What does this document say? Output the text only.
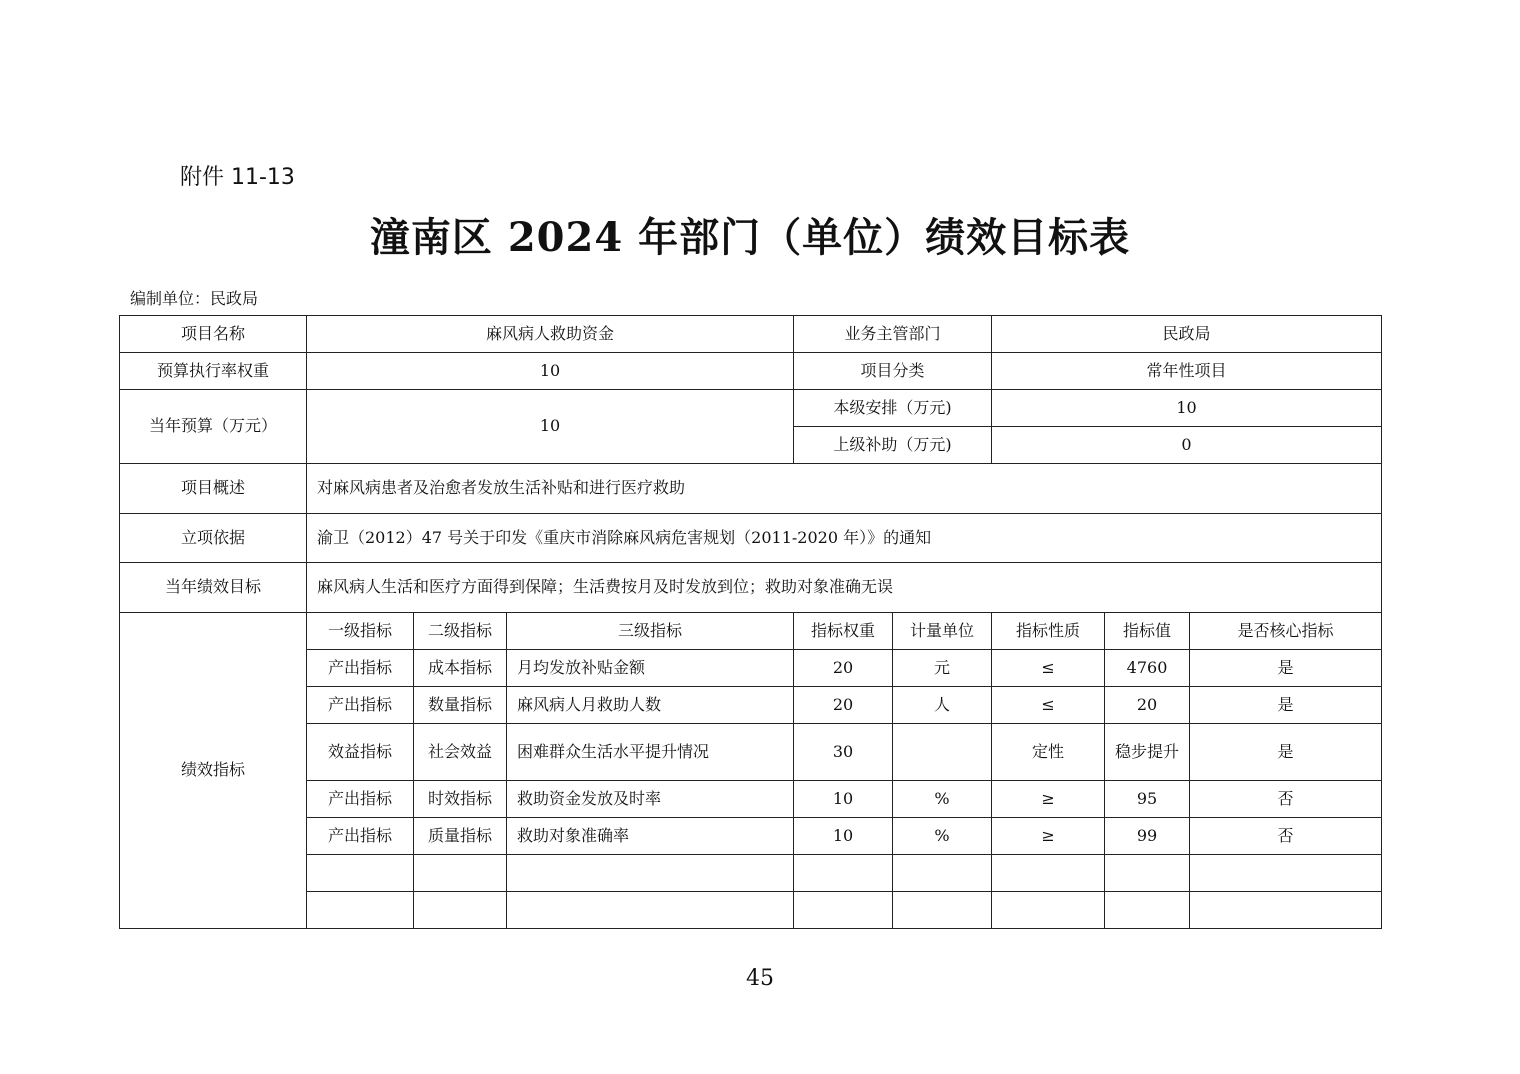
附件 11-13
潼南区 2024 年部门（单位）绩效目标表
编制单位：民政局
项目名称	麻风病人救助资金			业务主管部门		民政局		
预算执行率权重	10			项目分类		常年性项目		
当年预算（万元）	10			本级安排（万元)		10		
				上级补助（万元)		0		
项目概述	对麻风病患者及治愈者发放生活补贴和进行医疗救助							
立项依据	渝卫（2012）47 号关于印发《重庆市消除麻风病危害规划（2011-2020 年）》的通知							
当年绩效目标	麻风病人生活和医疗方面得到保障；生活费按月及时发放到位；救助对象准确无误							
绩效指标	一级指标	二级指标	三级指标	指标权重	计量单位	指标性质	指标值	是否核心指标
	产出指标	成本指标	月均发放补贴金额	20	元	≤	4760	是
	产出指标	数量指标	麻风病人月救助人数	20	人	≤	20	是
	效益指标	社会效益	困难群众生活水平提升情况	30		定性	稳步提升	是
	产出指标	时效指标	救助资金发放及时率	10	%	≥	95	否
	产出指标	质量指标	救助对象准确率	10	%	≥	99	否

45
